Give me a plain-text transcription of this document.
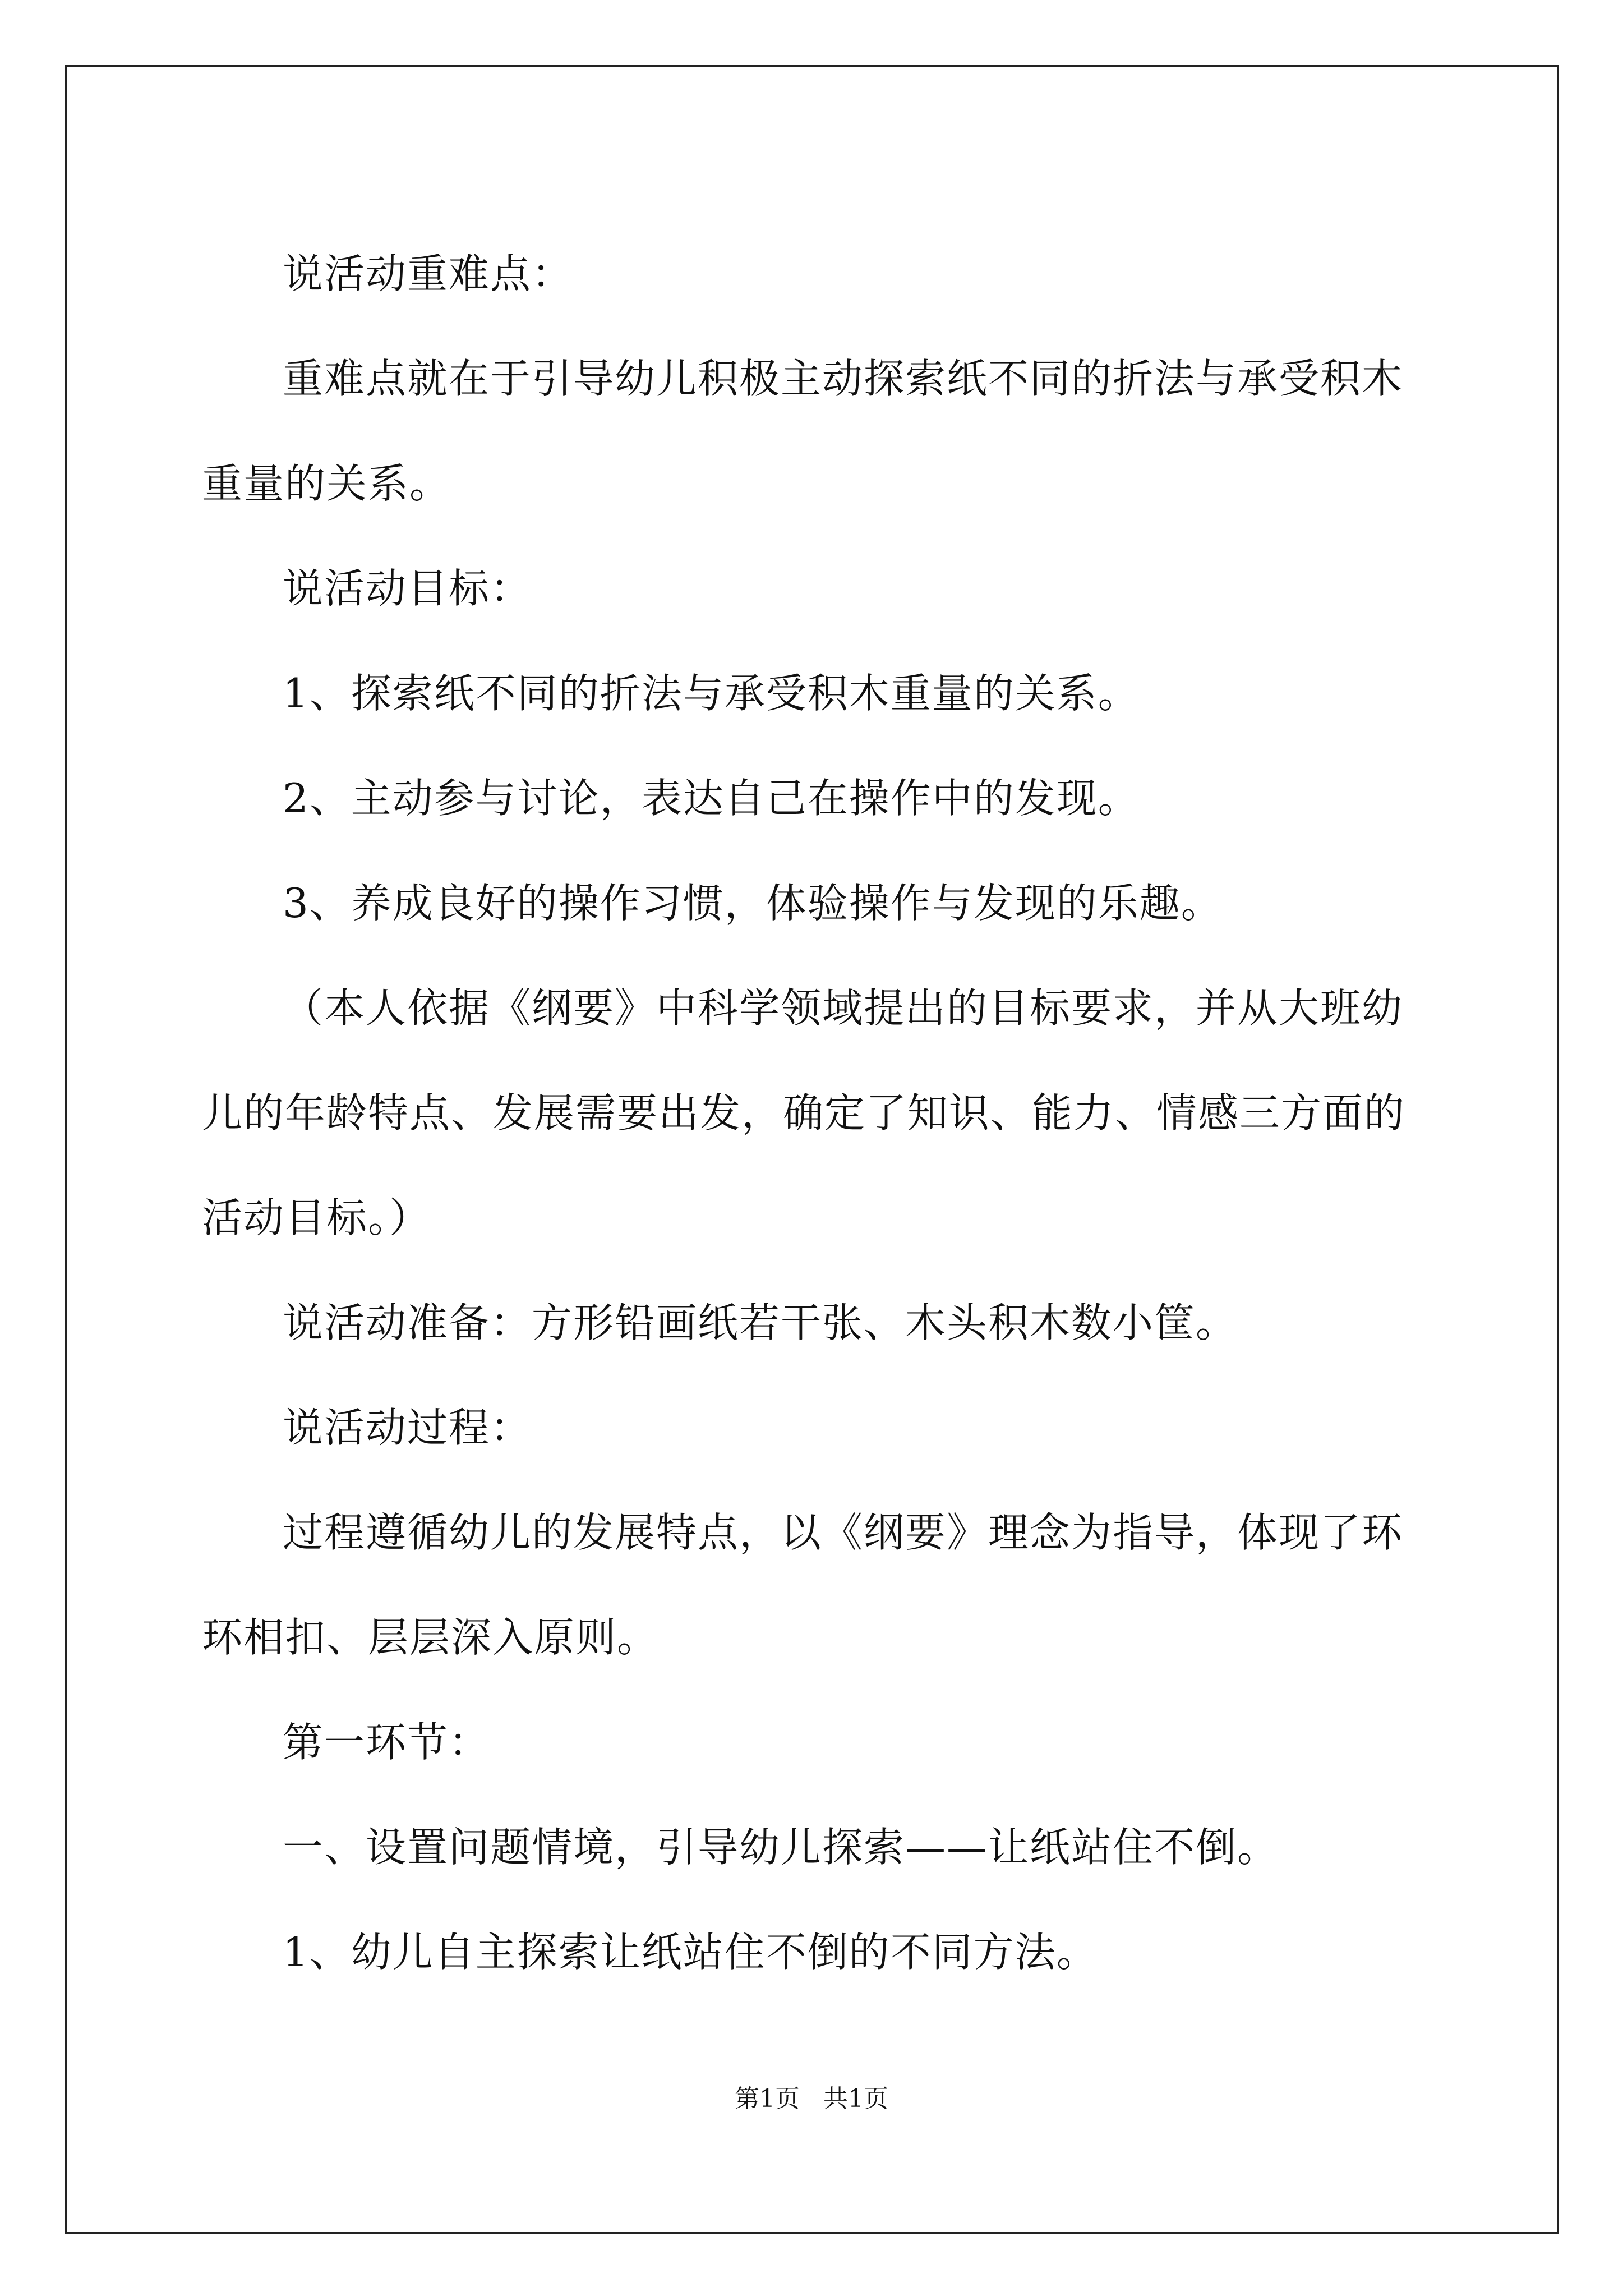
说活动重难点：

重难点就在于引导幼儿积极主动探索纸不同的折法与承受积木重量的关系。

说活动目标：

1、探索纸不同的折法与承受积木重量的关系。

2、主动参与讨论，表达自己在操作中的发现。

3、养成良好的操作习惯，体验操作与发现的乐趣。

（本人依据《纲要》中科学领域提出的目标要求，并从大班幼儿的年龄特点、发展需要出发，确定了知识、能力、情感三方面的活动目标。）

说活动准备：方形铅画纸若干张、木头积木数小筐。

说活动过程：

过程遵循幼儿的发展特点，以《纲要》理念为指导，体现了环环相扣、层层深入原则。

第一环节：

一、设置问题情境，引导幼儿探索——让纸站住不倒。

1、幼儿自主探索让纸站住不倒的不同方法。

第1页 共1页
